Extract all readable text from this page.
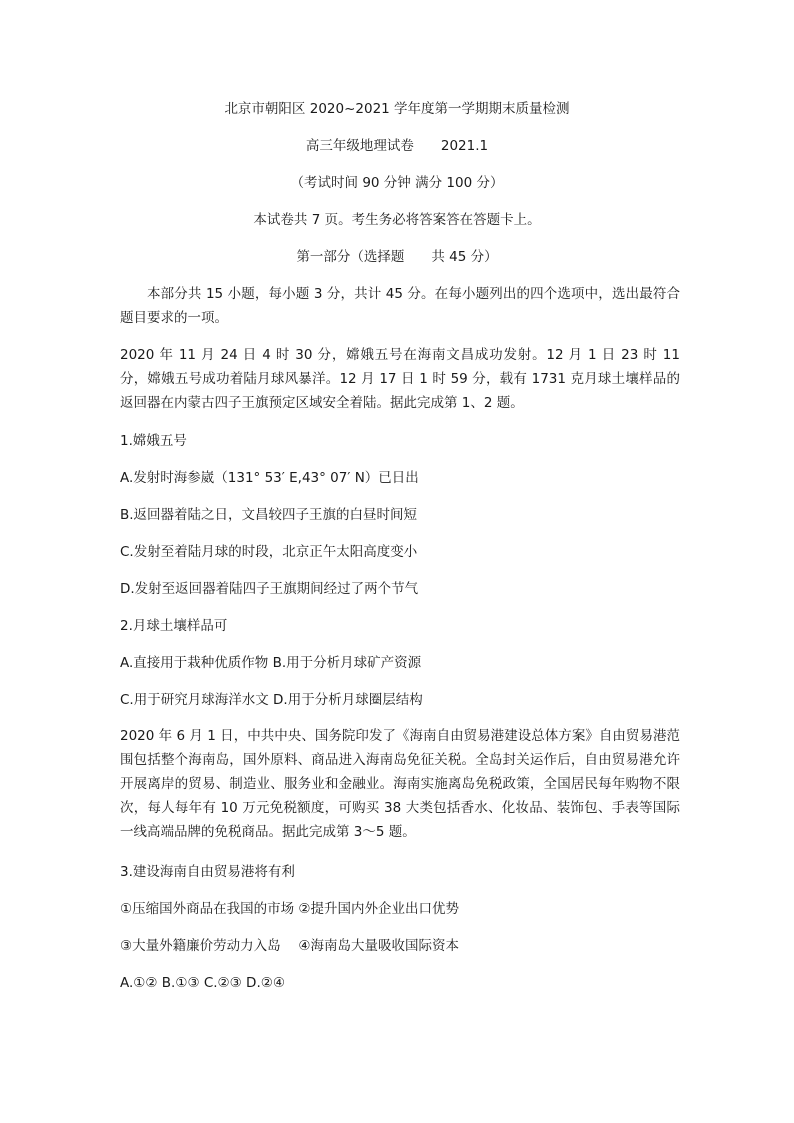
北京市朝阳区 2020~2021 学年度第一学期期末质量检测
高三年级地理试卷　　2021.1
（考试时间 90 分钟 满分 100 分）
本试卷共 7 页。考生务必将答案答在答题卡上。
第一部分（选择题　　共 45 分）
本部分共 15 小题，每小题 3 分，共计 45 分。在每小题列出的四个选项中，选出最符合题目要求的一项。
2020 年 11 月 24 日 4 时 30 分，嫦娥五号在海南文昌成功发射。12 月 1 日 23 时 11 分，嫦娥五号成功着陆月球风暴洋。12 月 17 日 1 时 59 分，载有 1731 克月球土壤样品的返回器在内蒙古四子王旗预定区域安全着陆。据此完成第 1、2 题。
1.嫦娥五号
A.发射时海参崴（131° 53′ E,43° 07′ N）已日出
B.返回器着陆之日，文昌较四子王旗的白昼时间短
C.发射至着陆月球的时段，北京正午太阳高度变小
D.发射至返回器着陆四子王旗期间经过了两个节气
2.月球土壤样品可
A.直接用于栽种优质作物 B.用于分析月球矿产资源
C.用于研究月球海洋水文 D.用于分析月球圈层结构
2020 年 6 月 1 日，中共中央、国务院印发了《海南自由贸易港建设总体方案》自由贸易港范围包括整个海南岛，国外原料、商品进入海南岛免征关税。全岛封关运作后，自由贸易港允许开展离岸的贸易、制造业、服务业和金融业。海南实施离岛免税政策，全国居民每年购物不限次，每人每年有 10 万元免税额度，可购买 38 大类包括香水、化妆品、装饰包、手表等国际一线高端品牌的免税商品。据此完成第 3～5 题。
3.建设海南自由贸易港将有利
①压缩国外商品在我国的市场 ②提升国内外企业出口优势
③大量外籍廉价劳动力入岛　 ④海南岛大量吸收国际资本
A.①② B.①③ C.②③ D.②④
